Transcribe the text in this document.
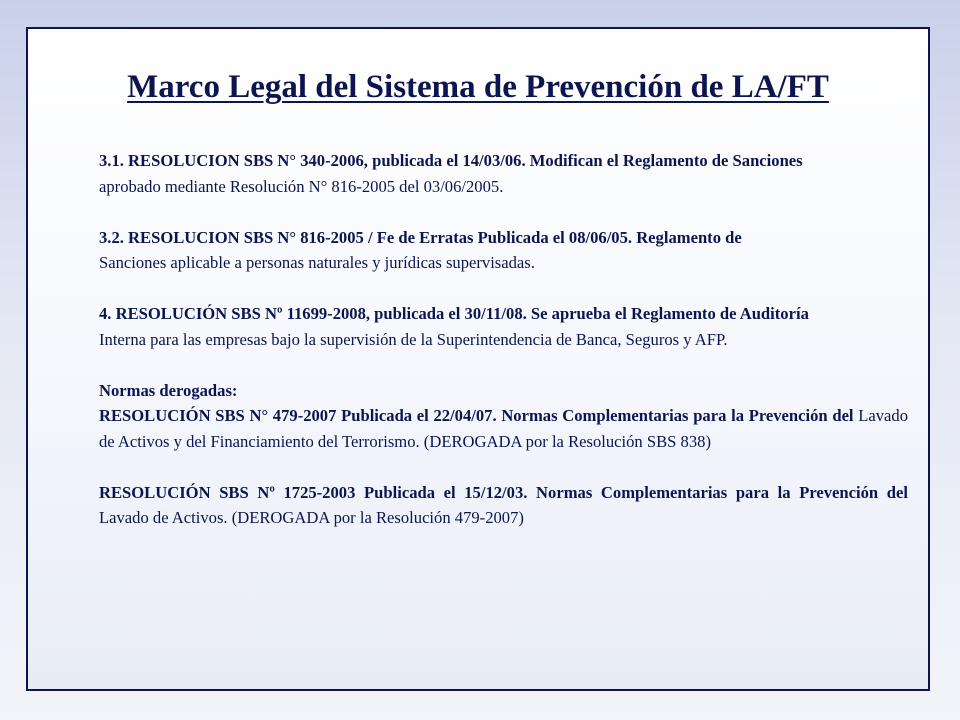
Marco Legal del Sistema de Prevención de LA/FT

3.1. RESOLUCION SBS N° 340-2006, publicada el 14/03/06. Modifican el Reglamento de Sanciones
aprobado mediante Resolución N° 816-2005 del 03/06/2005.

3.2. RESOLUCION SBS N° 816-2005 / Fe de Erratas Publicada el 08/06/05. Reglamento de
Sanciones aplicable a personas naturales y jurídicas supervisadas.

4. RESOLUCIÓN SBS Nº 11699-2008, publicada el 30/11/08. Se aprueba el Reglamento de Auditoría
Interna para las empresas bajo la supervisión de la Superintendencia de Banca, Seguros y AFP.

Normas derogadas:
RESOLUCIÓN SBS N° 479-2007 Publicada el 22/04/07. Normas Complementarias para la Prevención del Lavado de Activos y del Financiamiento del Terrorismo. (DEROGADA por la Resolución SBS 838)

RESOLUCIÓN SBS Nº 1725-2003 Publicada el 15/12/03. Normas Complementarias para la Prevención del Lavado de Activos. (DEROGADA por la Resolución 479-2007)
